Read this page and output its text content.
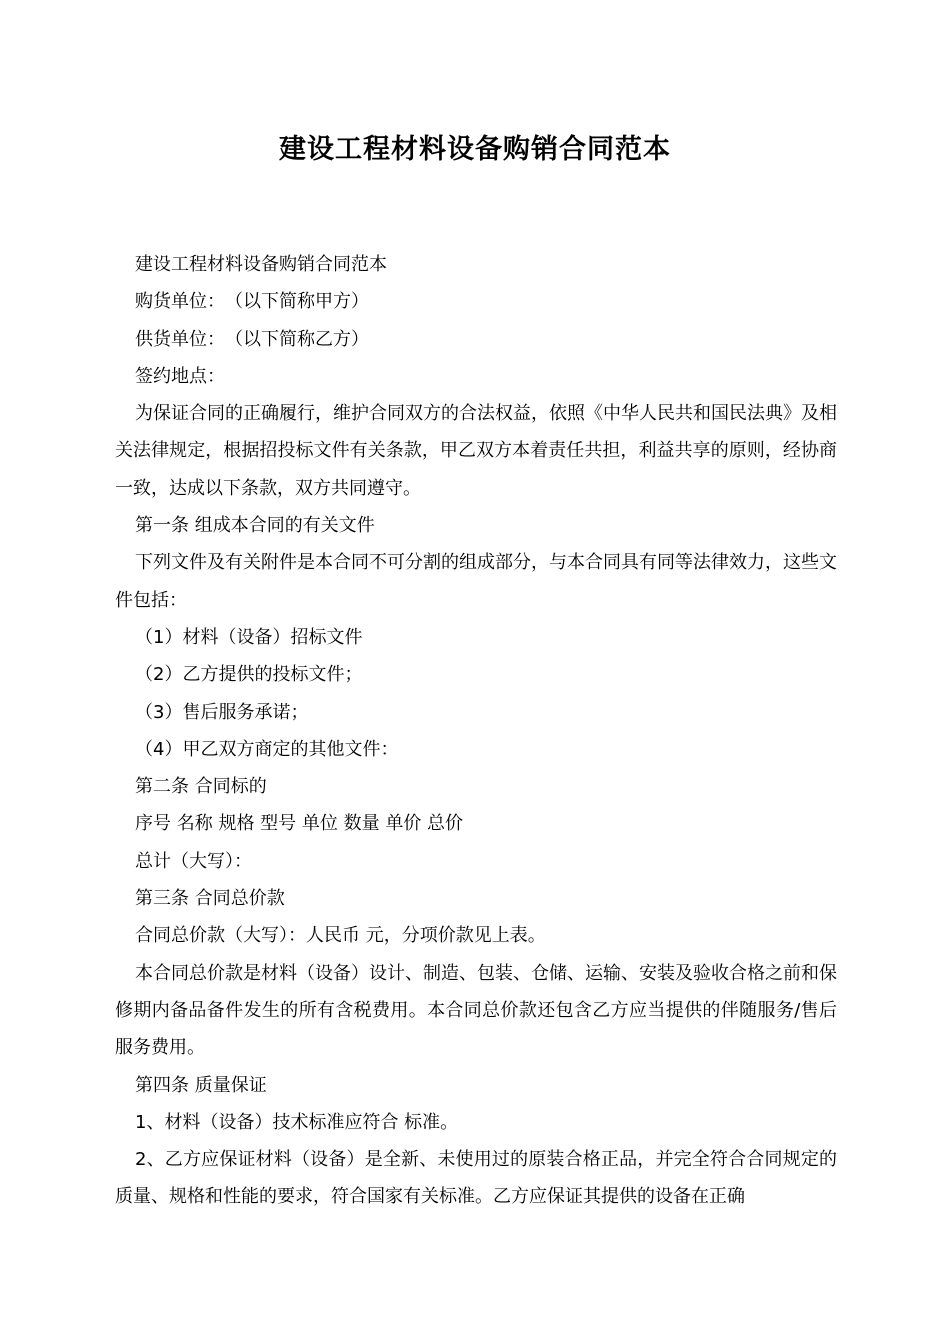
建设工程材料设备购销合同范本

建设工程材料设备购销合同范本

购货单位：　（以下简称甲方）

供货单位：　（以下简称乙方）

签约地点：

为保证合同的正确履行，维护合同双方的合法权益，依照《中华人民共和国民法典》及相关法律规定，根据招投标文件有关条款，甲乙双方本着责任共担，利益共享的原则，经协商一致，达成以下条款，双方共同遵守。

第一条 组成本合同的有关文件

下列文件及有关附件是本合同不可分割的组成部分，与本合同具有同等法律效力，这些文件包括：

（1）材料（设备）招标文件

（2）乙方提供的投标文件；

（3）售后服务承诺；

（4）甲乙双方商定的其他文件：

第二条 合同标的

序号 名称 规格 型号 单位 数量 单价 总价

总计（大写）：

第三条 合同总价款

合同总价款（大写）：人民币 元，分项价款见上表。

本合同总价款是材料（设备）设计、制造、包装、仓储、运输、安装及验收合格之前和保修期内备品备件发生的所有含税费用。本合同总价款还包含乙方应当提供的伴随服务/售后服务费用。

第四条 质量保证

1、材料（设备）技术标准应符合 标准。

2、乙方应保证材料（设备）是全新、未使用过的原装合格正品，并完全符合合同规定的质量、规格和性能的要求，符合国家有关标准。乙方应保证其提供的设备在正确
